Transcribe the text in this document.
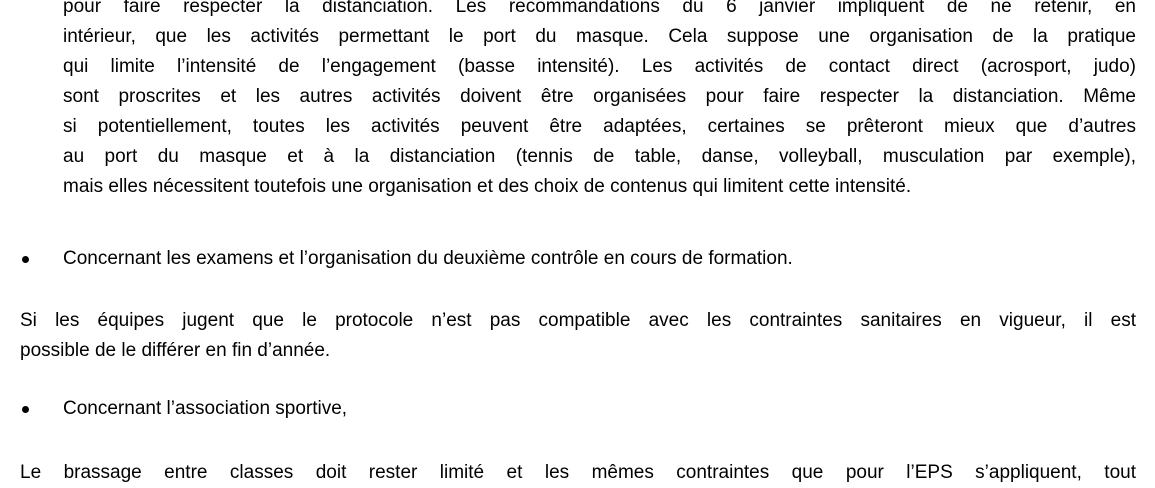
pour faire respecter la distanciation. Les recommandations du 6 janvier impliquent de ne retenir, en
intérieur, que les activités permettant le port du masque. Cela suppose une organisation de la pratique
qui limite l’intensité de l’engagement (basse intensité). Les activités de contact direct (acrosport, judo)
sont proscrites et les autres activités doivent être organisées pour faire respecter la distanciation. Même
si potentiellement, toutes les activités peuvent être adaptées, certaines se prêteront mieux que d’autres
au port du masque et à la distanciation (tennis de table, danse, volleyball, musculation par exemple),
mais elles nécessitent toutefois une organisation et des choix de contenus qui limitent cette intensité.
Concernant les examens et l’organisation du deuxième contrôle en cours de formation.
Si les équipes jugent que le protocole n’est pas compatible avec les contraintes sanitaires en vigueur, il est
possible de le différer en fin d’année.
Concernant l’association sportive,
Le brassage entre classes doit rester limité et les mêmes contraintes que pour l’EPS s’appliquent, tout
